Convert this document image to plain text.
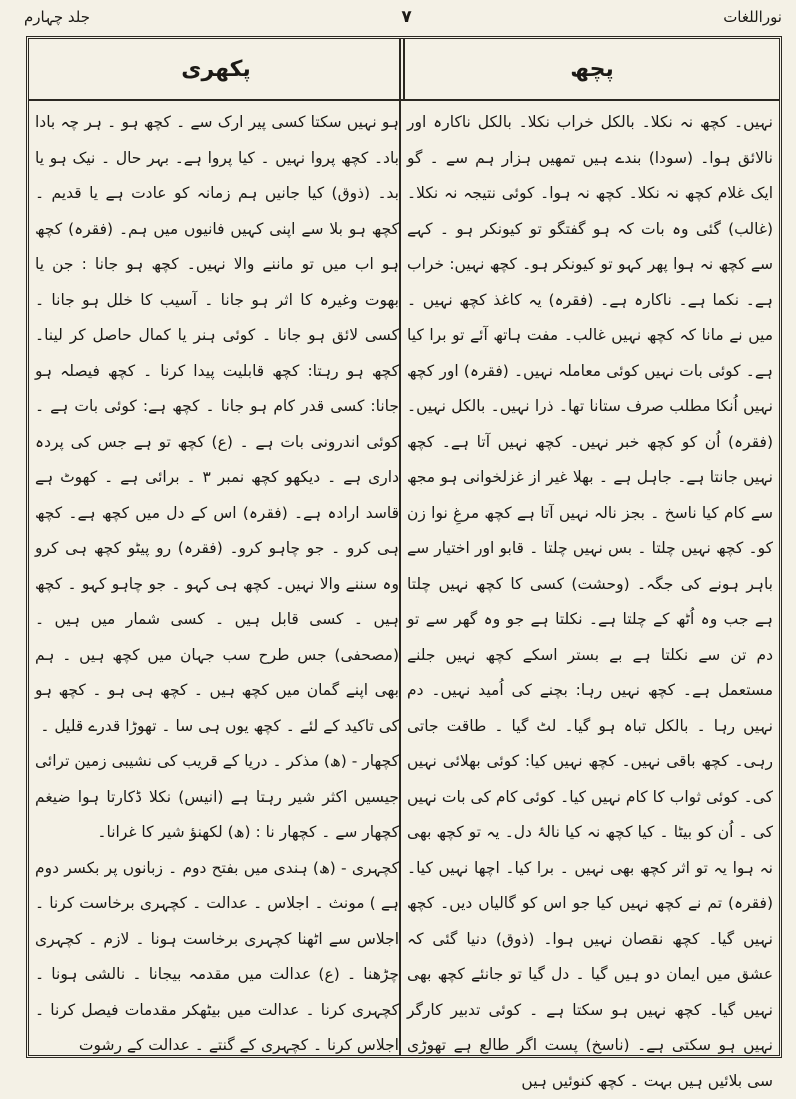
نوراللغات
۷
جلد چہارم
پچھ
پکھری

نہیں۔ کچھ نہ نکلا۔ بالکل خراب نکلا۔ بالکل ناکارہ اور نالائق ہوا۔ (سودا) بندے ہیں تمھیں ہزار ہم سے ۔ گو ایک غلام کچھ نہ نکلا۔ کچھ نہ ہوا۔ کوئی نتیجہ نہ نکلا۔ (غالب) گئی وہ بات کہ ہو گفتگو تو کیونکر ہو ۔ کہے سے کچھ نہ ہوا پھر کہو تو کیونکر ہو۔ کچھ نہیں: خراب ہے۔ نکما ہے۔ ناکارہ ہے۔ (فقرہ) یہ کاغذ کچھ نہیں ۔ میں نے مانا کہ کچھ نہیں غالب۔ مفت ہاتھ آئے تو برا کیا ہے۔ کوئی بات نہیں کوئی معاملہ نہیں۔ (فقرہ) اور کچھ نہیں اُنکا مطلب صرف ستانا تھا۔ ذرا نہیں۔ بالکل نہیں۔ (فقرہ) اُن کو کچھ خبر نہیں۔ کچھ نہیں آتا ہے۔ کچھ نہیں جانتا ہے۔ جاہل ہے ۔ بھلا غیر از غزلخوانی ہو مجھ سے کام کیا ناسخ ۔ بجز نالہ نہیں آتا ہے کچھ مرغِ نوا زن کو۔ کچھ نہیں چلتا ۔ بس نہیں چلتا ۔ قابو اور اختیار سے باہر ہونے کی جگہ۔ (وحشت) کسی کا کچھ نہیں چلتا ہے جب وہ اُٹھ کے چلتا ہے۔ نکلتا ہے جو وہ گھر سے تو دم تن سے نکلتا ہے بے بستر اسکے کچھ نہیں جلنے مستعمل ہے۔ کچھ نہیں رہا: بچنے کی اُمید نہیں۔ دم نہیں رہا ۔ بالکل تباہ ہو گیا۔ لٹ گیا ۔ طاقت جاتی رہی۔ کچھ باقی نہیں۔ کچھ نہیں کیا: کوئی بھلائی نہیں کی۔ کوئی ثواب کا کام نہیں کیا۔ کوئی کام کی بات نہیں کی ۔ اُن کو بیٹا ۔ کیا کچھ نہ کیا نالۂ دل۔ یہ تو کچھ بھی نہ ہوا یہ تو اثر کچھ بھی نہیں ۔ برا کیا۔ اچھا نہیں کیا۔ (فقرہ) تم نے کچھ نہیں کیا جو اس کو گالیاں دیں۔ کچھ نہیں گیا۔ کچھ نقصان نہیں ہوا۔ (ذوق) دنیا گئی کہ عشق میں ایمان دو ہیں گیا ۔ دل گیا تو جانئے کچھ بھی نہیں گیا۔ کچھ نہیں ہو سکتا ہے ۔ کوئی تدبیر کارگر نہیں ہو سکتی ہے۔ (ناسخ) پست اگر طالع ہے تھوڑی سی بلائیں ہیں بہت ۔ کچھ کنوئیں ہیں

ہو نہیں سکتا کسی پیر ارک سے ۔ کچھ ہو ۔ ہر چہ بادا باد۔ کچھ پروا نہیں ۔ کیا پروا ہے۔ بہر حال ۔ نیک ہو یا بد۔ (ذوق) کیا جانیں ہم زمانہ کو عادت ہے یا قدیم ۔ کچھ ہو بلا سے اپنی کہیں فانیوں میں ہم۔ (فقرہ) کچھ ہو اب میں تو ماننے والا نہیں۔ کچھ ہو جانا : جن یا بھوت وغیرہ کا اثر ہو جانا ۔ آسیب کا خلل ہو جانا ۔ کسی لائق ہو جانا ۔ کوئی ہنر یا کمال حاصل کر لینا۔ کچھ ہو رہتا: کچھ قابلیت پیدا کرنا ۔ کچھ فیصلہ ہو جانا: کسی قدر کام ہو جانا ۔ کچھ ہے: کوئی بات ہے ۔ کوئی اندرونی بات ہے ۔ (ع) کچھ تو ہے جس کی پردہ داری ہے ۔ دیکھو کچھ نمبر ۳ ۔ برائی ہے ۔ کھوٹ ہے قاسد ارادہ ہے۔ (فقرہ) اس کے دل میں کچھ ہے۔ کچھ ہی کرو ۔ جو چاہو کرو۔ (فقرہ) رو پیٹو کچھ ہی کرو وہ سننے والا نہیں۔ کچھ ہی کہو ۔ جو چاہو کہو ۔ کچھ ہیں ۔ کسی قابل ہیں ۔ کسی شمار میں ہیں ۔ (مصحفی) جس طرح سب جہان میں کچھ ہیں ۔ ہم بھی اپنے گمان میں کچھ ہیں ۔ کچھ ہی ہو ۔ کچھ ہو کی تاکید کے لئے ۔ کچھ یوں ہی سا ۔ تھوڑا قدرے قلیل ۔

کچھار - (ھ) مذکر ۔ دریا کے قریب کی نشیبی زمین ترائی جیسیں اکثر شیر رہتا ہے (انیس) نکلا ڈکارتا ہوا ضیغم کچھار سے ۔ کچھار نا : (ھ) لکھنؤ شیر کا غرانا۔

کچہری - (ھ) ہندی میں بفتح دوم ۔ زبانوں پر بکسر دوم ہے ) مونث ۔ اجلاس ۔ عدالت ۔ کچہری برخاست کرنا ۔ اجلاس سے اٹھنا کچہری برخاست ہونا ۔ لازم ۔ کچہری چڑھنا ۔ (ع) عدالت میں مقدمہ بیجانا ۔ نالشی ہونا ۔ کچہری کرنا ۔ عدالت میں بیٹھکر مقدمات فیصل کرنا ۔ اجلاس کرنا ۔ کچہری کے گنتے ۔ عدالت کے رشوت
